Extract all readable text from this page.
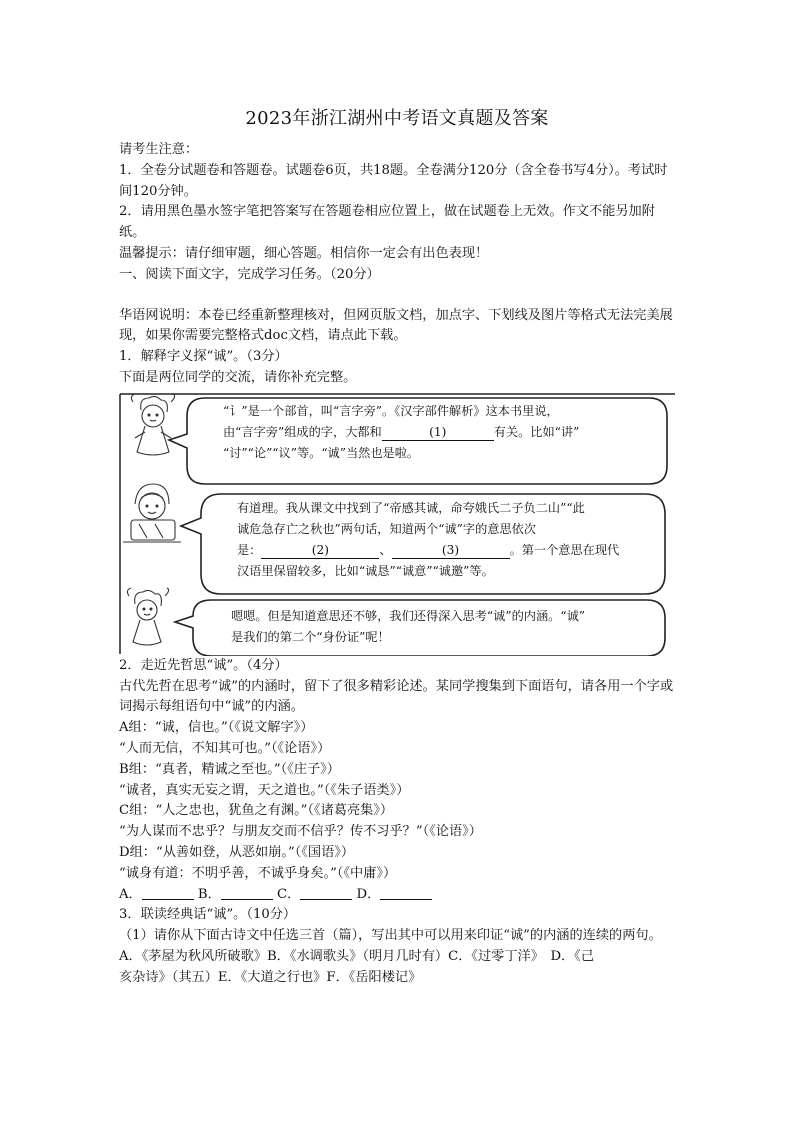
2023年浙江湖州中考语文真题及答案

请考生注意：

1．全卷分试题卷和答题卷。试题卷6页，共18题。全卷满分120分（含全卷书写4分）。考试时间120分钟。

2．请用黑色墨水签字笔把答案写在答题卷相应位置上，做在试题卷上无效。作文不能另加附纸。

温馨提示：请仔细审题，细心答题。相信你一定会有出色表现！

一、阅读下面文字，完成学习任务。（20分）

华语网说明：本卷已经重新整理核对，但网页版文档，加点字、下划线及图片等格式无法完美展现，如果你需要完整格式doc文档，请点此下载。

1．解释字义探“诚”。（3分）

下面是两位同学的交流，请你补充完整。

“讠”是一个部首，叫“言字旁”。《汉字部件解析》这本书里说，
由“言字旁”组成的字，大都和	(1)	有关。比如“讲”
“讨”“论”“议”等。“诚”当然也是啦。
有道理。我从课文中找到了“帝感其诚，命夸娥氏二子负二山”“此
诚危急存亡之秋也”两句话，知道两个“诚”字的意思依次
是：	(2)	、	(3)	。第一个意思在现代
汉语里保留较多，比如“诚恳”“诚意”“诚邀”等。
嗯嗯。但是知道意思还不够，我们还得深入思考“诚”的内涵。“诚”
是我们的第二个“身份证”呢！

2．走近先哲思“诚”。（4分）

古代先哲在思考“诚”的内涵时，留下了很多精彩论述。某同学搜集到下面语句，请各用一个字或词揭示每组语句中“诚”的内涵。

A组：“诚，信也。”（《说文解字》）

“人而无信，不知其可也。”（《论语》）

B组：“真者，精诚之至也。”（《庄子》）

“诚者，真实无妄之谓，天之道也。”（《朱子语类》）

C组：“人之忠也，犹鱼之有渊。”（《诸葛亮集》）

“为人谋而不忠乎？与朋友交而不信乎？传不习乎？”（《论语》）

D组：“从善如登，从恶如崩。”（《国语》）

“诚身有道：不明乎善，不诚乎身矣。”（《中庸》）

A．	B．	C．	D．

3．联读经典话“诚”。（10分）

（1）请你从下面古诗文中任选三首（篇），写出其中可以用来印证“诚”的内涵的连续的两句。

A．《茅屋为秋风所破歌》B．《水调歌头》（明月几时有）C．《过零丁洋》　D．《己

亥杂诗》（其五）E．《大道之行也》F．《岳阳楼记》
